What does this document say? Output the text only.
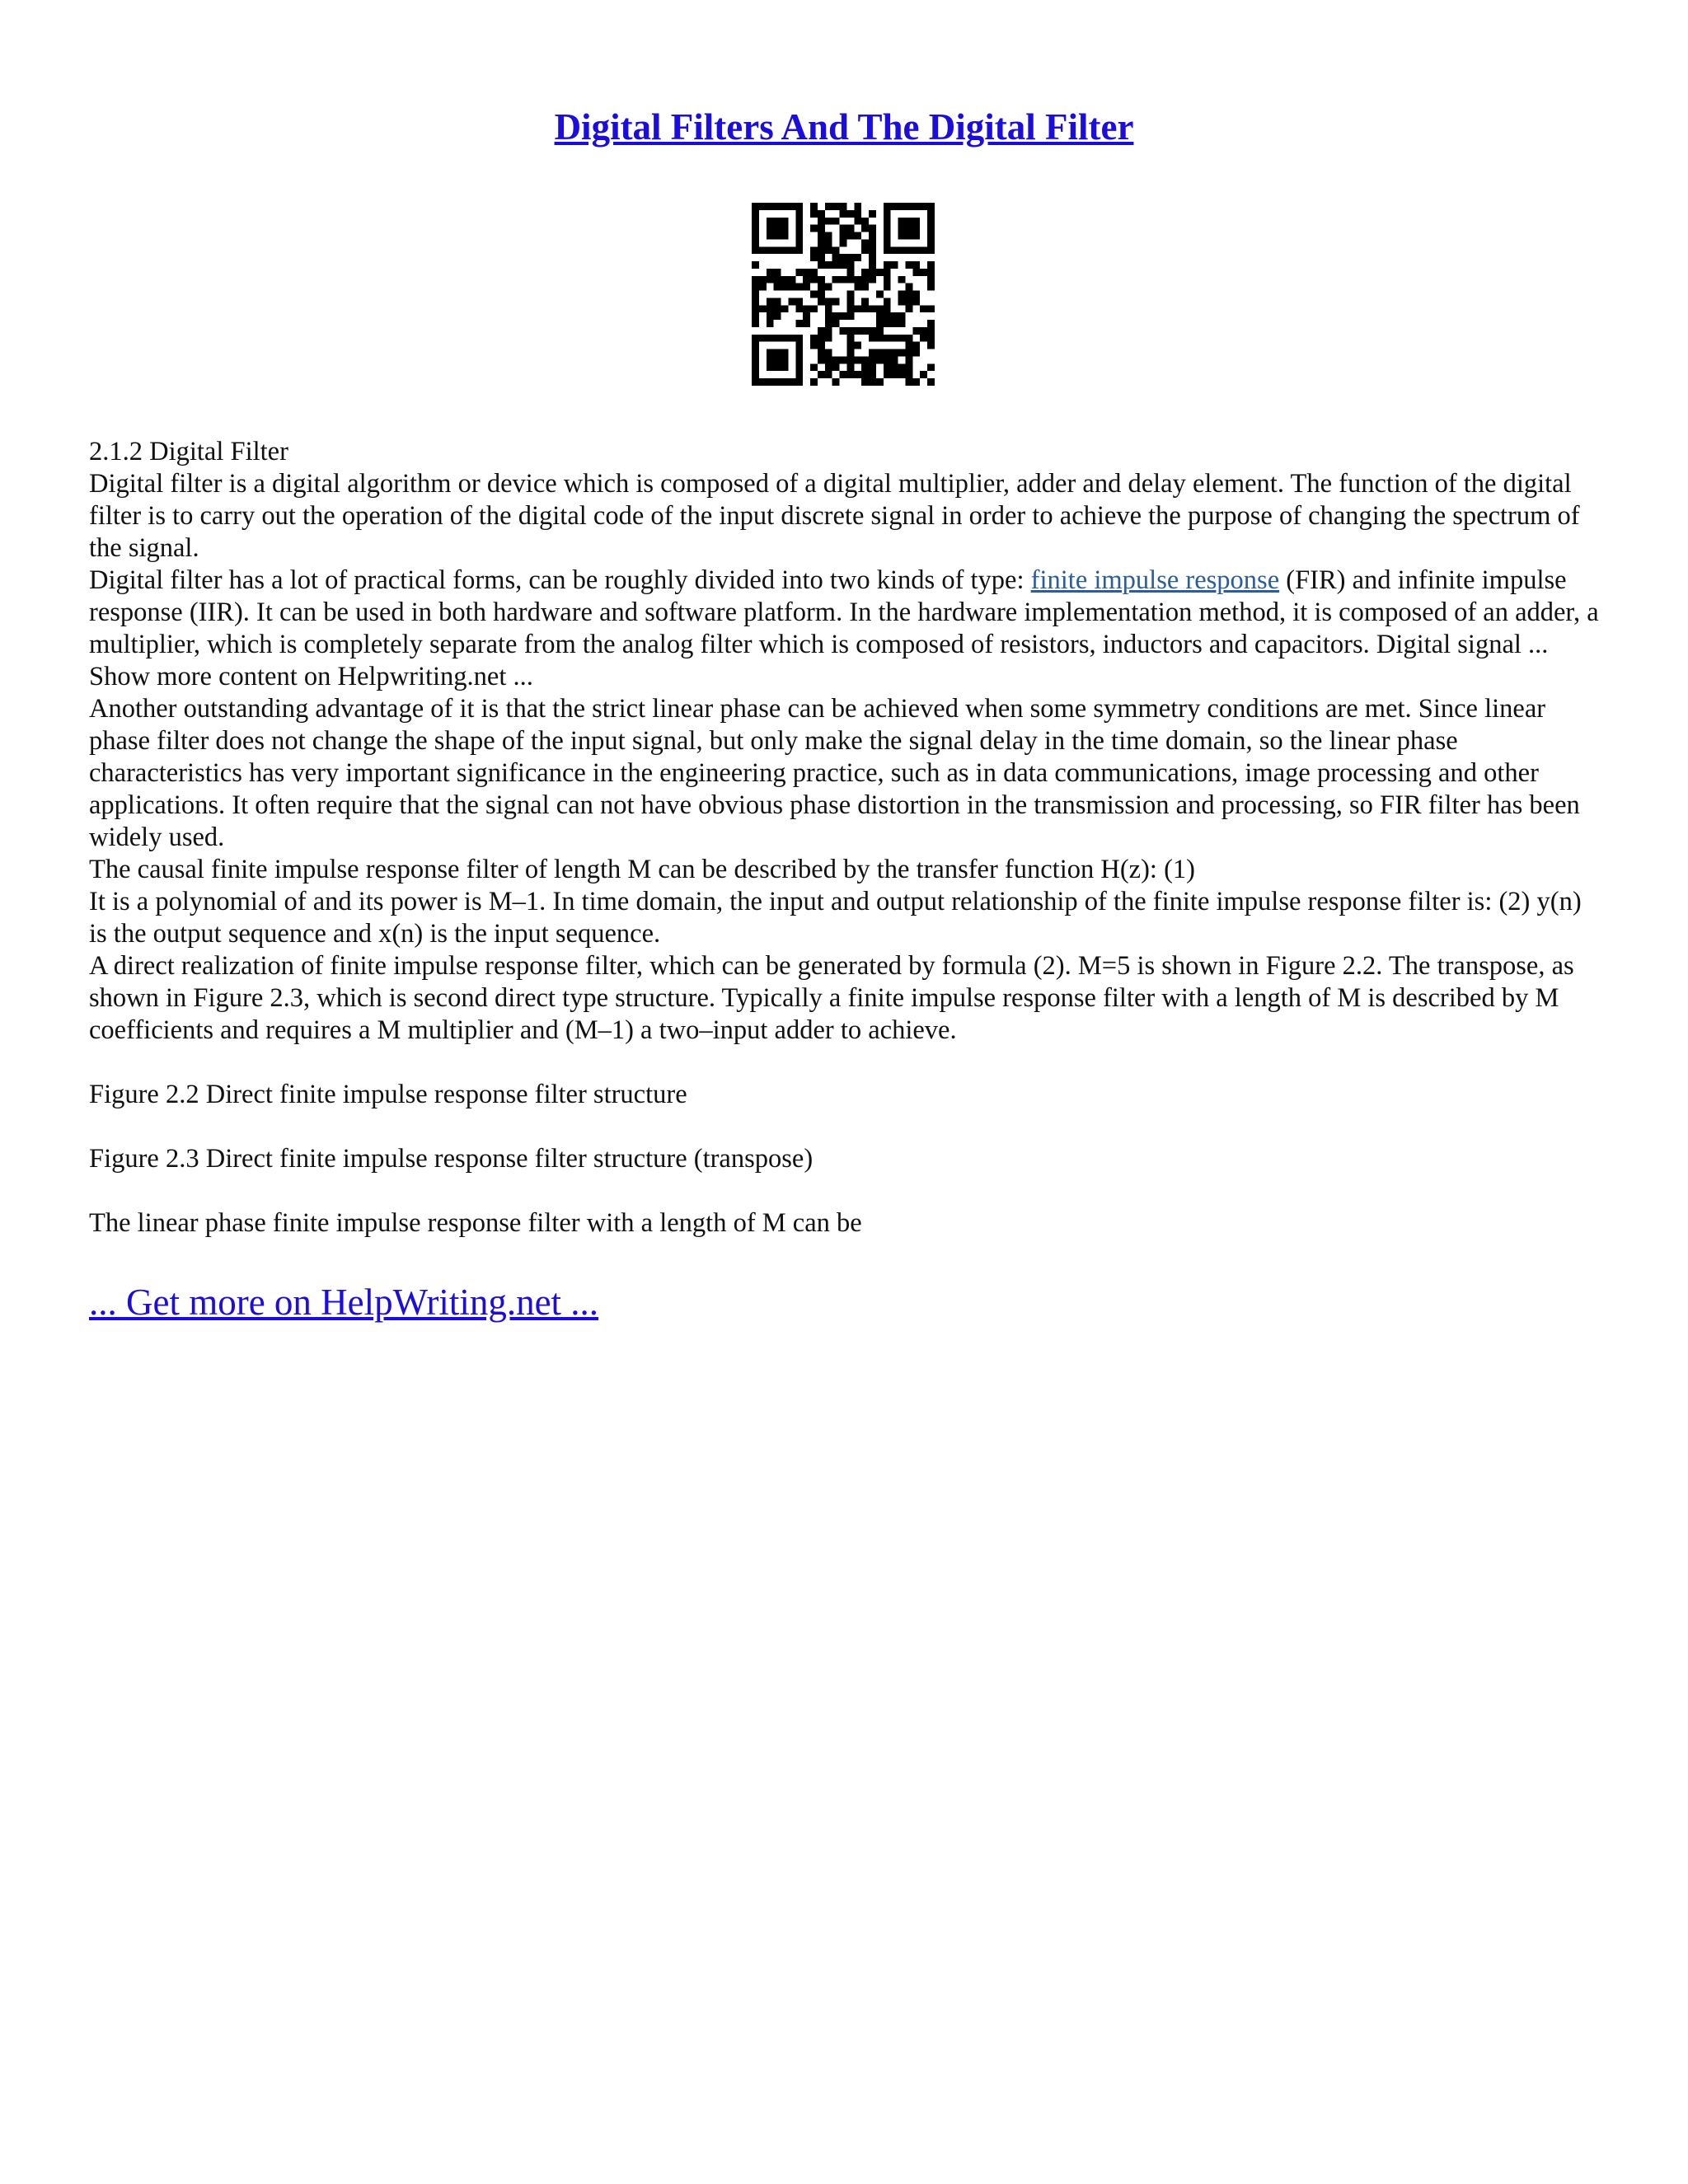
Digital Filters And The Digital Filter

2.1.2 Digital Filter

Digital filter is a digital algorithm or device which is composed of a digital multiplier, adder and delay element. The function of the digital filter is to carry out the operation of the digital code of the input discrete signal in order to achieve the purpose of changing the spectrum of the signal.

Digital filter has a lot of practical forms, can be roughly divided into two kinds of type: finite impulse response (FIR) and infinite impulse response (IIR). It can be used in both hardware and software platform. In the hardware implementation method, it is composed of an adder, a multiplier, which is completely separate from the analog filter which is composed of resistors, inductors and capacitors. Digital signal ... Show more content on Helpwriting.net ...

Another outstanding advantage of it is that the strict linear phase can be achieved when some symmetry conditions are met. Since linear phase filter does not change the shape of the input signal, but only make the signal delay in the time domain, so the linear phase characteristics has very important significance in the engineering practice, such as in data communications, image processing and other applications. It often require that the signal can not have obvious phase distortion in the transmission and processing, so FIR filter has been widely used.

The causal finite impulse response filter of length M can be described by the transfer function H(z): (1)

It is a polynomial of and its power is M–1. In time domain, the input and output relationship of the finite impulse response filter is: (2) y(n) is the output sequence and x(n) is the input sequence.

A direct realization of finite impulse response filter, which can be generated by formula (2). M=5 is shown in Figure 2.2. The transpose, as shown in Figure 2.3, which is second direct type structure. Typically a finite impulse response filter with a length of M is described by M coefficients and requires a M multiplier and (M–1) a two–input adder to achieve.

Figure 2.2 Direct finite impulse response filter structure

Figure 2.3 Direct finite impulse response filter structure (transpose)

The linear phase finite impulse response filter with a length of M can be

... Get more on HelpWriting.net ...
